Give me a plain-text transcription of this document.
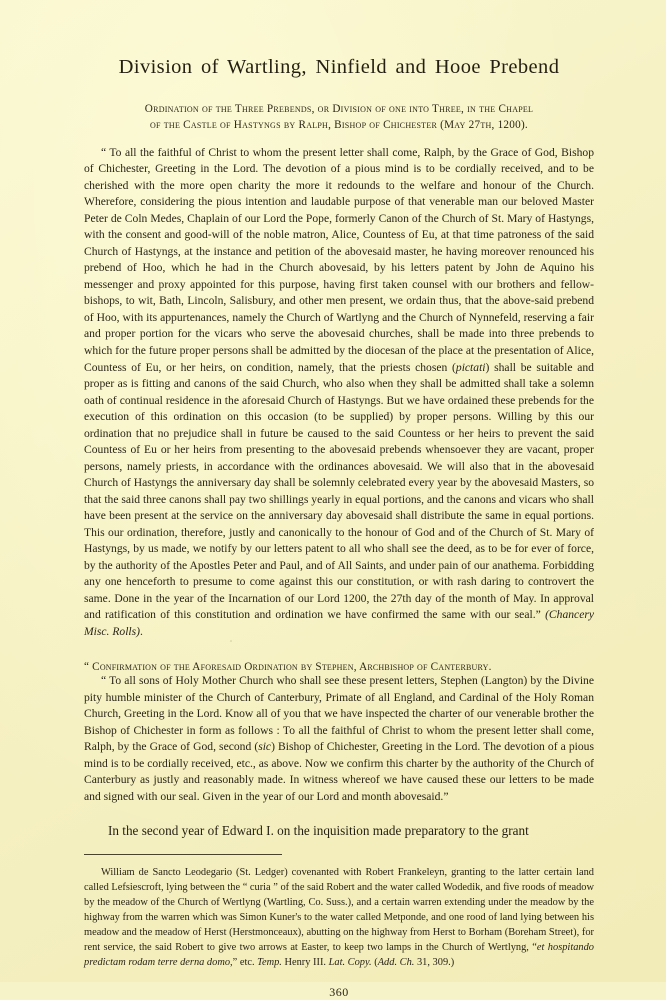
Division of Wartling, Ninfield and Hooe Prebend
Ordination of the Three Prebends, or Division of one into Three, in the Chapel
of the Castle of Hastyngs by Ralph, Bishop of Chichester (May 27th, 1200).

“ To all the faithful of Christ to whom the present letter shall come, Ralph, by the Grace of God, Bishop of Chichester, Greeting in the Lord. The devotion of a pious mind is to be cordially received, and to be cherished with the more open charity the more it redounds to the welfare and honour of the Church. Wherefore, considering the pious intention and laudable purpose of that venerable man our beloved Master Peter de Coln Medes, Chaplain of our Lord the Pope, formerly Canon of the Church of St. Mary of Hastyngs, with the consent and good-will of the noble matron, Alice, Countess of Eu, at that time patroness of the said Church of Hastyngs, at the instance and petition of the abovesaid master, he having moreover renounced his prebend of Hoo, which he had in the Church abovesaid, by his letters patent by John de Aquino his messenger and proxy appointed for this purpose, having first taken counsel with our brothers and fellow-bishops, to wit, Bath, Lincoln, Salisbury, and other men present, we ordain thus, that the above-said prebend of Hoo, with its appurtenances, namely the Church of Wartlyng and the Church of Nynnefeld, reserving a fair and proper portion for the vicars who serve the abovesaid churches, shall be made into three prebends to which for the future proper persons shall be admitted by the diocesan of the place at the presentation of Alice, Countess of Eu, or her heirs, on condition, namely, that the priests chosen (pictati) shall be suitable and proper as is fitting and canons of the said Church, who also when they shall be admitted shall take a solemn oath of continual residence in the aforesaid Church of Hastyngs. But we have ordained these prebends for the execution of this ordination on this occasion (to be supplied) by proper persons. Willing by this our ordination that no prejudice shall in future be caused to the said Countess or her heirs to prevent the said Countess of Eu or her heirs from presenting to the abovesaid prebends whensoever they are vacant, proper persons, namely priests, in accordance with the ordinances abovesaid. We will also that in the abovesaid Church of Hastyngs the anniversary day shall be solemnly celebrated every year by the abovesaid Masters, so that the said three canons shall pay two shillings yearly in equal portions, and the canons and vicars who shall have been present at the service on the anniversary day abovesaid shall distribute the same in equal portions. This our ordination, therefore, justly and canonically to the honour of God and of the Church of St. Mary of Hastyngs, by us made, we notify by our letters patent to all who shall see the deed, as to be for ever of force, by the authority of the Apostles Peter and Paul, and of All Saints, and under pain of our anathema. Forbidding any one henceforth to presume to come against this our constitution, or with rash daring to controvert the same. Done in the year of the Incarnation of our Lord 1200, the 27th day of the month of May. In approval and ratification of this constitution and ordination we have confirmed the same with our seal.” (Chancery Misc. Rolls).

“ Confirmation of the Aforesaid Ordination by Stephen, Archbishop of Canterbury.

“ To all sons of Holy Mother Church who shall see these present letters, Stephen (Langton) by the Divine pity humble minister of the Church of Canterbury, Primate of all England, and Cardinal of the Holy Roman Church, Greeting in the Lord. Know all of you that we have inspected the charter of our venerable brother the Bishop of Chichester in form as follows : To all the faithful of Christ to whom the present letter shall come, Ralph, by the Grace of God, second (sic) Bishop of Chichester, Greeting in the Lord. The devotion of a pious mind is to be cordially received, etc., as above. Now we confirm this charter by the authority of the Church of Canterbury as justly and reasonably made. In witness whereof we have caused these our letters to be made and signed with our seal. Given in the year of our Lord and month abovesaid.”

In the second year of Edward I. on the inquisition made preparatory to the grant

William de Sancto Leodegario (St. Ledger) covenanted with Robert Frankeleyn, granting to the latter certain land called Lefsiescroft, lying between the “ curia ” of the said Robert and the water called Wodedik, and five roods of meadow by the meadow of the Church of Wertlyng (Wartling, Co. Suss.), and a certain warren extending under the meadow by the highway from the warren which was Simon Kuner's to the water called Metponde, and one rood of land lying between his meadow and the meadow of Herst (Herstmonceaux), abutting on the highway from Herst to Borham (Boreham Street), for rent service, the said Robert to give two arrows at Easter, to keep two lamps in the Church of Wertlyng, “et hospitando predictam rodam terre derna domo,” etc. Temp. Henry III. Lat. Copy. (Add. Ch. 31, 309.)

360
